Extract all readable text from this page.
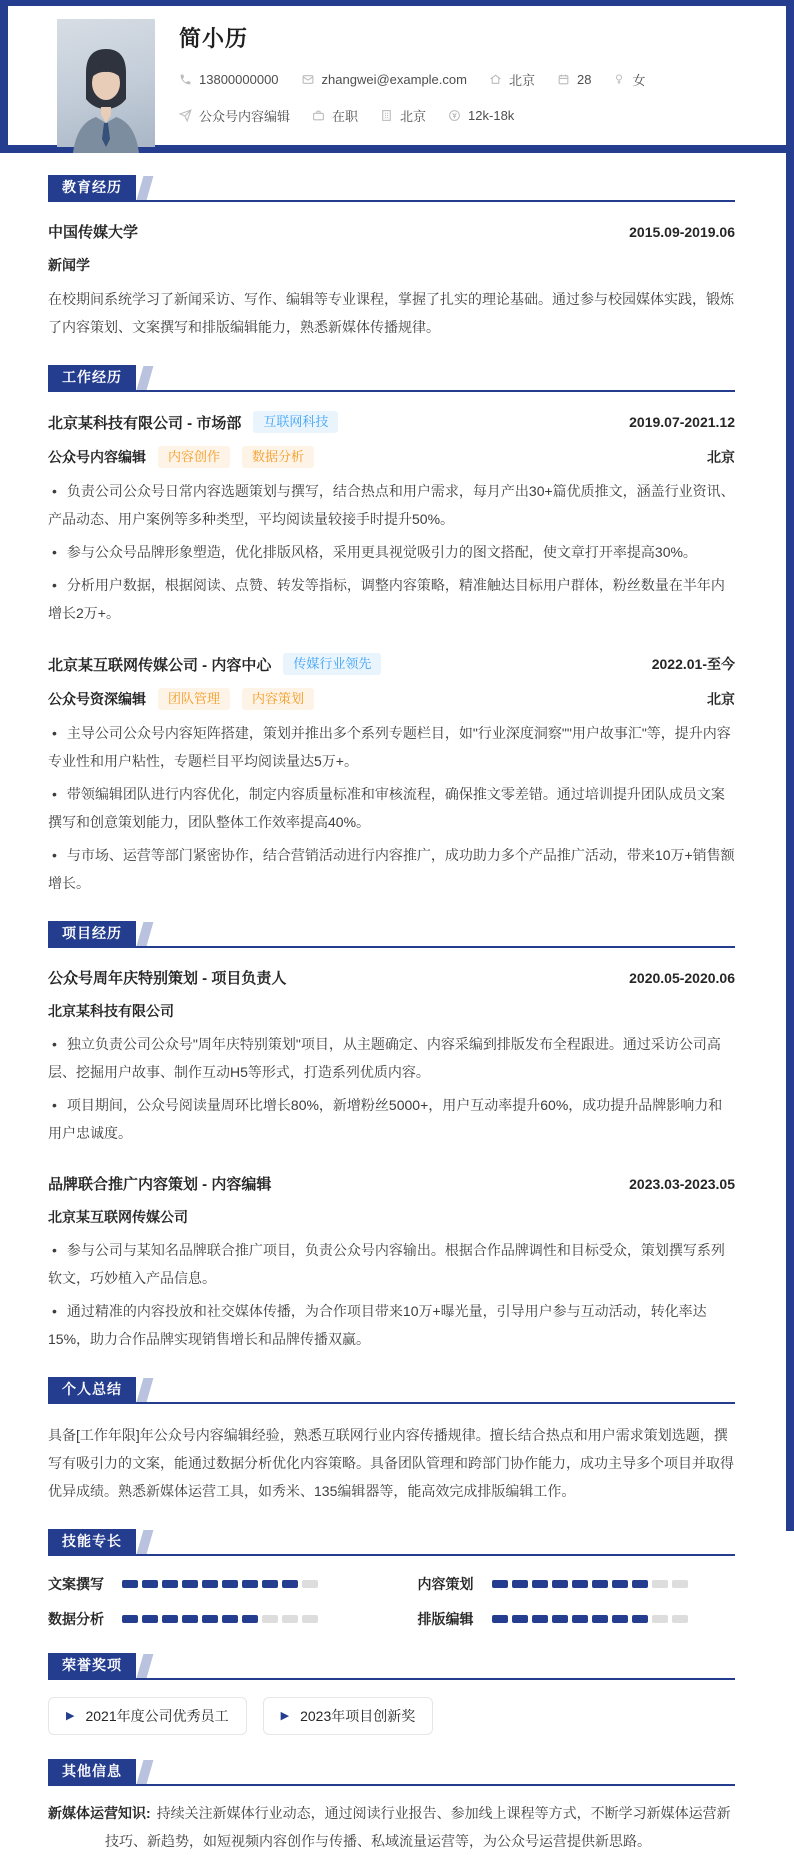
简小历
13800000000	zhangwei@example.com	北京	28	女
公众号内容编辑	在职	北京	12k-18k
教育经历
中国传媒大学	2015.09-2019.06
新闻学

在校期间系统学习了新闻采访、写作、编辑等专业课程，掌握了扎实的理论基础。通过参与校园媒体实践，锻炼了内容策划、文案撰写和排版编辑能力，熟悉新媒体传播规律。

工作经历
北京某科技有限公司 - 市场部	互联网科技	2019.07-2021.12
公众号内容编辑	内容创作	数据分析	北京
• 负责公司公众号日常内容选题策划与撰写，结合热点和用户需求，每月产出30+篇优质推文，涵盖行业资讯、产品动态、用户案例等多种类型，平均阅读量较接手时提升50%。
• 参与公众号品牌形象塑造，优化排版风格，采用更具视觉吸引力的图文搭配，使文章打开率提高30%。
• 分析用户数据，根据阅读、点赞、转发等指标，调整内容策略，精准触达目标用户群体，粉丝数量在半年内增长2万+。
北京某互联网传媒公司 - 内容中心	传媒行业领先	2022.01-至今
公众号资深编辑	团队管理	内容策划	北京
• 主导公司公众号内容矩阵搭建，策划并推出多个系列专题栏目，如"行业深度洞察""用户故事汇"等，提升内容专业性和用户粘性，专题栏目平均阅读量达5万+。
• 带领编辑团队进行内容优化，制定内容质量标准和审核流程，确保推文零差错。通过培训提升团队成员文案撰写和创意策划能力，团队整体工作效率提高40%。
• 与市场、运营等部门紧密协作，结合营销活动进行内容推广，成功助力多个产品推广活动，带来10万+销售额增长。
项目经历
公众号周年庆特别策划 - 项目负责人	2020.05-2020.06
北京某科技有限公司
• 独立负责公司公众号"周年庆特别策划"项目，从主题确定、内容采编到排版发布全程跟进。通过采访公司高层、挖掘用户故事、制作互动H5等形式，打造系列优质内容。
• 项目期间，公众号阅读量周环比增长80%，新增粉丝5000+，用户互动率提升60%，成功提升品牌影响力和用户忠诚度。
品牌联合推广内容策划 - 内容编辑	2023.03-2023.05
北京某互联网传媒公司
• 参与公司与某知名品牌联合推广项目，负责公众号内容输出。根据合作品牌调性和目标受众，策划撰写系列软文，巧妙植入产品信息。
• 通过精准的内容投放和社交媒体传播，为合作项目带来10万+曝光量，引导用户参与互动活动，转化率达15%，助力合作品牌实现销售增长和品牌传播双赢。
个人总结

具备[工作年限]年公众号内容编辑经验，熟悉互联网行业内容传播规律。擅长结合热点和用户需求策划选题，撰写有吸引力的文案，能通过数据分析优化内容策略。具备团队管理和跨部门协作能力，成功主导多个项目并取得优异成绩。熟悉新媒体运营工具，如秀米、135编辑器等，能高效完成排版编辑工作。

技能专长
文案撰写	内容策划
数据分析	排版编辑
荣誉奖项
▶ 2021年度公司优秀员工	▶ 2023年项目创新奖
其他信息

新媒体运营知识: 持续关注新媒体行业动态，通过阅读行业报告、参加线上课程等方式，不断学习新媒体运营新技巧、新趋势，如短视频内容创作与传播、私域流量运营等，为公众号运营提供新思路。
